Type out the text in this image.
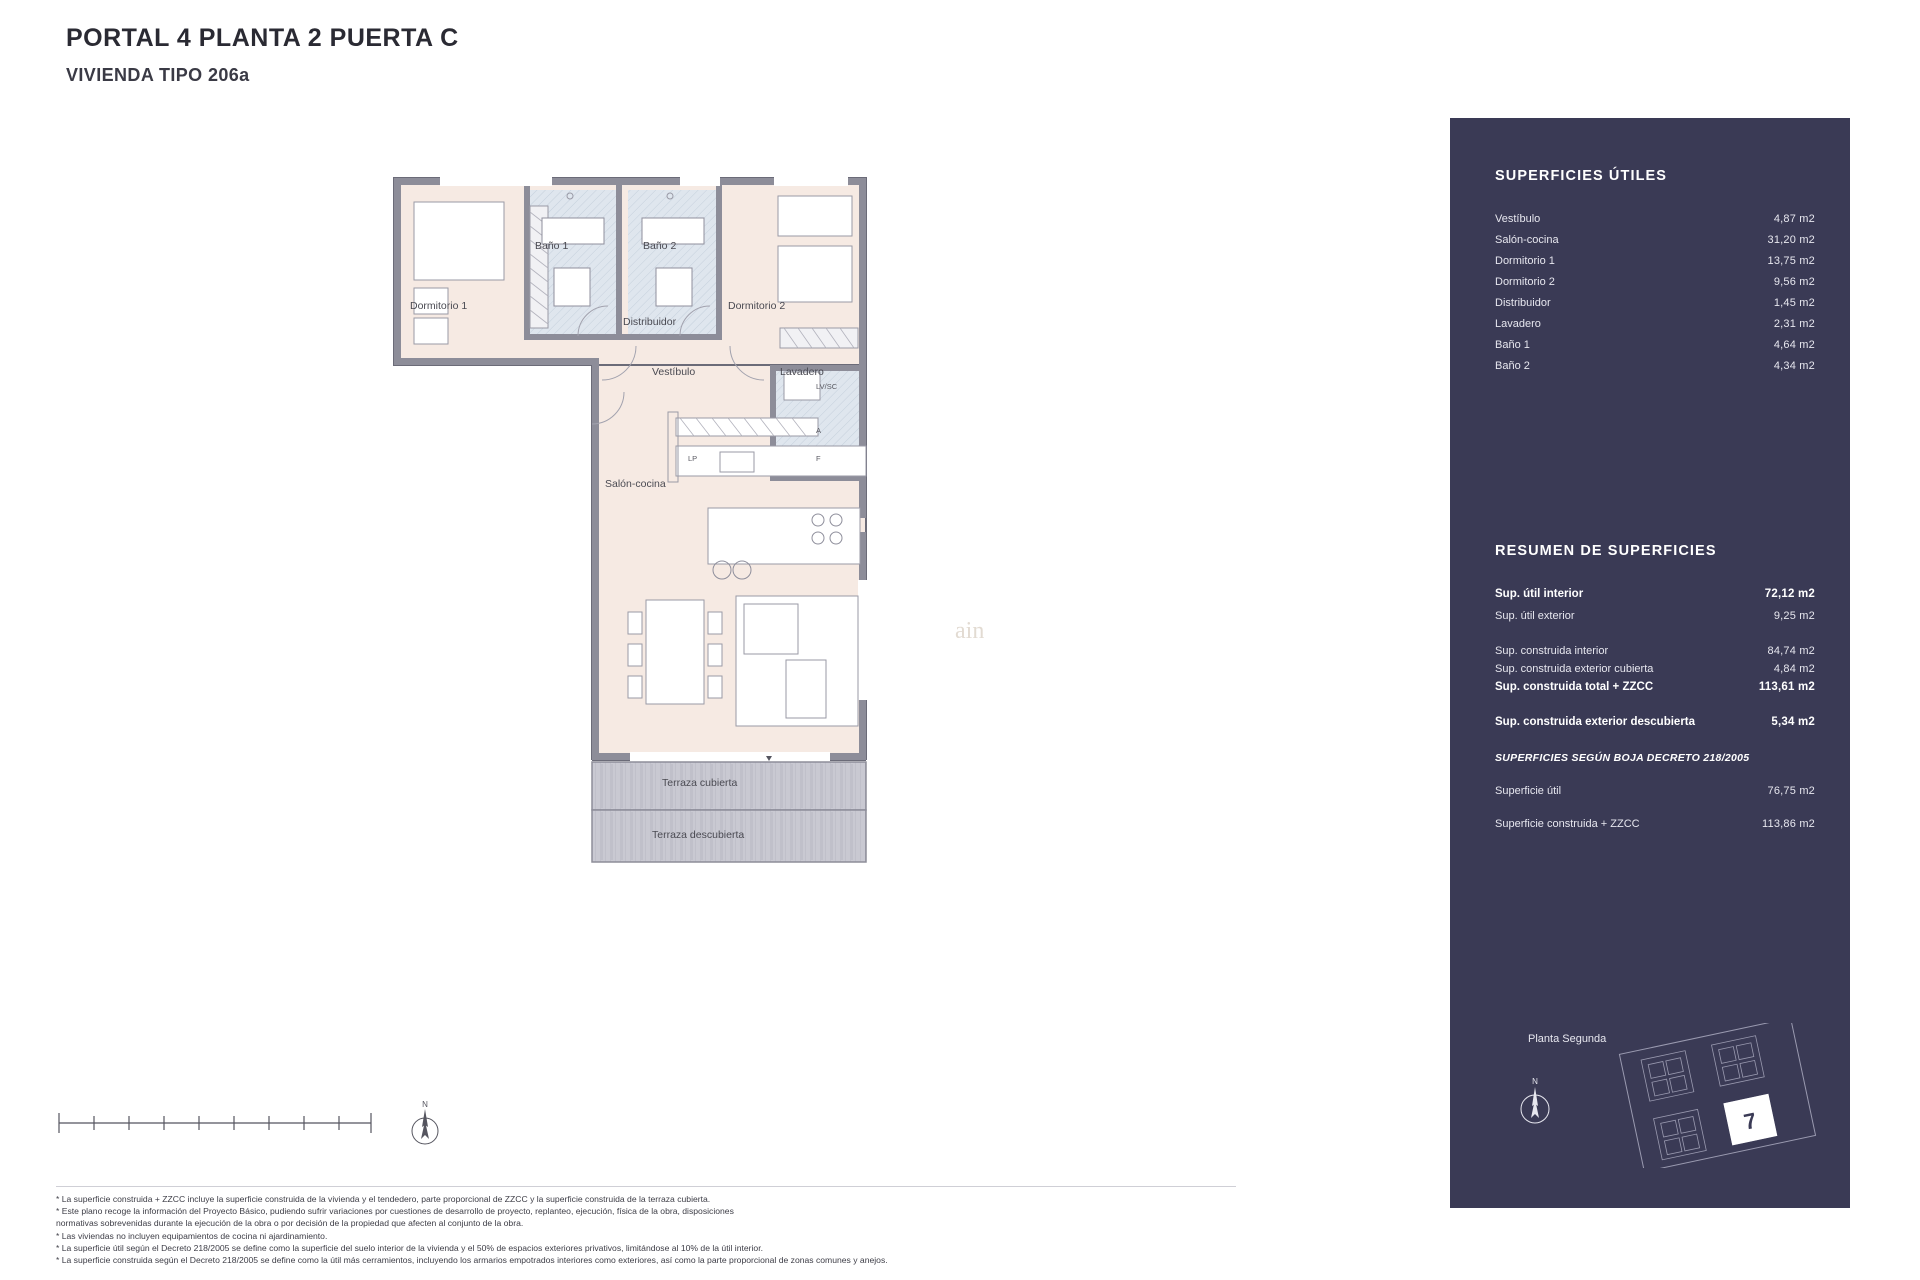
PORTAL 4 PLANTA 2 PUERTA C
VIVIENDA TIPO 206a
Dormitorio 1
Baño 1	Baño 2
Dormitorio 2
Distribuidor
Vestíbulo	Lavadero
Salón-cocina
LV/SC
A
LP	F
Terraza cubierta
Terraza descubierta
ain
N
SUPERFICIES ÚTILES
Vestíbulo	4,87 m2
Salón-cocina	31,20 m2
Dormitorio 1	13,75 m2
Dormitorio 2	9,56 m2
Distribuidor	1,45 m2
Lavadero	2,31 m2
Baño 1	4,64 m2
Baño 2	4,34 m2
RESUMEN DE SUPERFICIES
Sup. útil interior	72,12 m2
Sup. útil exterior	9,25 m2
Sup. construida interior	84,74 m2
Sup. construida exterior cubierta	4,84 m2
Sup. construida total + ZZCC	113,61 m2
Sup. construida exterior descubierta	5,34 m2
SUPERFICIES SEGÚN BOJA DECRETO 218/2005
Superficie útil	76,75 m2
Superficie construida + ZZCC	113,86 m2
Planta Segunda
7
N
* La superficie construida + ZZCC incluye la superficie construida de la vivienda y el tendedero, parte proporcional de ZZCC y la superficie construida de la terraza cubierta.
* Este plano recoge la información del Proyecto Básico, pudiendo sufrir variaciones por cuestiones de desarrollo de proyecto, replanteo, ejecución, física de la obra, disposiciones
normativas sobrevenidas durante la ejecución de la obra o por decisión de la propiedad que afecten al conjunto de la obra.
* Las viviendas no incluyen equipamientos de cocina ni ajardinamiento.
* La superficie útil según el Decreto 218/2005 se define como la superficie del suelo interior de la vivienda y el 50% de espacios exteriores privativos, limitándose al 10% de la útil interior.
* La superficie construida según el Decreto 218/2005 se define como la útil más cerramientos, incluyendo los armarios empotrados interiores como exteriores, así como la parte proporcional de zonas comunes y anejos.
